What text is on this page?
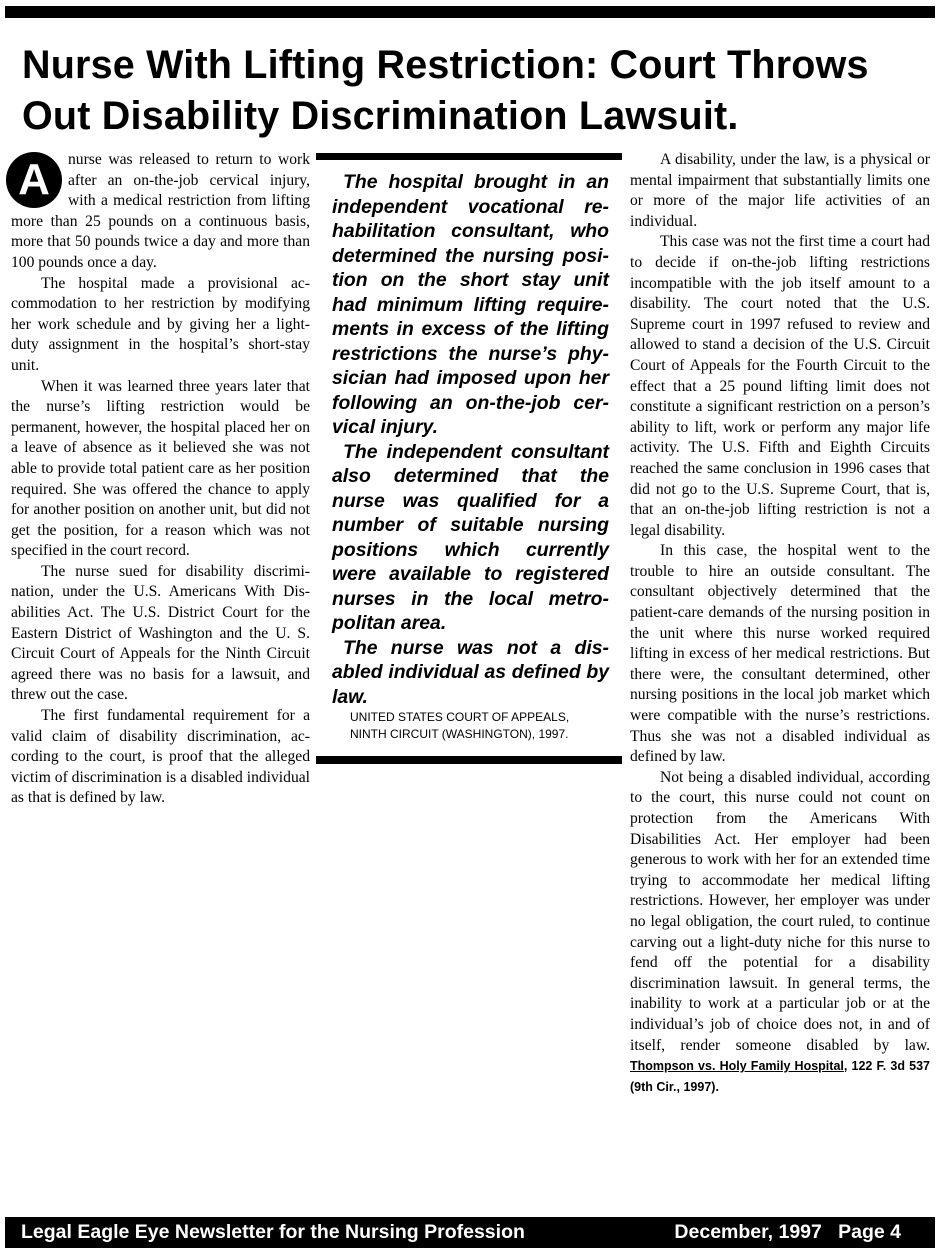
Nurse With Lifting Restriction: Court Throws Out Disability Discrimination Lawsuit.

A	nurse was released to return to work after an on-the-job cervical injury, with a medical restriction from lifting more than 25 pounds on a continuous basis, more that 50 pounds twice a day and more than 100 pounds once a day.

The hospital made a provisional accommodation to her restriction by modifying her work schedule and by giving her a light-duty assignment in the hospital’s short-stay unit.

When it was learned three years later that the nurse’s lifting restriction would be permanent, however, the hospital placed her on a leave of absence as it believed she was not able to provide total patient care as her position required. She was offered the chance to apply for another position on another unit, but did not get the position, for a reason which was not specified in the court record.

The nurse sued for disability discrimination, under the U.S. Americans With Disabilities Act. The U.S. District Court for the Eastern District of Washington and the U. S. Circuit Court of Appeals for the Ninth Circuit agreed there was no basis for a lawsuit, and threw out the case.

The first fundamental requirement for a valid claim of disability discrimination, according to the court, is proof that the alleged victim of discrimination is a disabled individual as that is defined by law.

The hospital brought in an independent vocational rehabilitation consultant, who determined the nursing position on the short stay unit had minimum lifting requirements in excess of the lifting restrictions the nurse’s physician had imposed upon her following an on-the-job cervical injury.

The independent consultant also determined that the nurse was qualified for a number of suitable nursing positions which currently were available to registered nurses in the local metropolitan area.

The nurse was not a disabled individual as defined by law.

UNITED STATES COURT OF APPEALS,
NINTH CIRCUIT (WASHINGTON), 1997.

A disability, under the law, is a physical or mental impairment that substantially limits one or more of the major life activities of an individual.

This case was not the first time a court had to decide if on-the-job lifting restrictions incompatible with the job itself amount to a disability. The court noted that the U.S. Supreme court in 1997 refused to review and allowed to stand a decision of the U.S. Circuit Court of Appeals for the Fourth Circuit to the effect that a 25 pound lifting limit does not constitute a significant restriction on a person’s ability to lift, work or perform any major life activity. The U.S. Fifth and Eighth Circuits reached the same conclusion in 1996 cases that did not go to the U.S. Supreme Court, that is, that an on-the-job lifting restriction is not a legal disability.

In this case, the hospital went to the trouble to hire an outside consultant. The consultant objectively determined that the patient-care demands of the nursing position in the unit where this nurse worked required lifting in excess of her medical restrictions. But there were, the consultant determined, other nursing positions in the local job market which were compatible with the nurse’s restrictions. Thus she was not a disabled individual as defined by law.

Not being a disabled individual, according to the court, this nurse could not count on protection from the Americans With Disabilities Act. Her employer had been generous to work with her for an extended time trying to accommodate her medical lifting restrictions. However, her employer was under no legal obligation, the court ruled, to continue carving out a light-duty niche for this nurse to fend off the potential for a disability discrimination lawsuit. In general terms, the inability to work at a particular job or at the individual’s job of choice does not, in and of itself, render someone disabled by law. Thompson vs. Holy Family Hospital, 122 F. 3d 537 (9th Cir., 1997).

Legal Eagle Eye Newsletter for the Nursing Profession	December, 1997   Page 4
